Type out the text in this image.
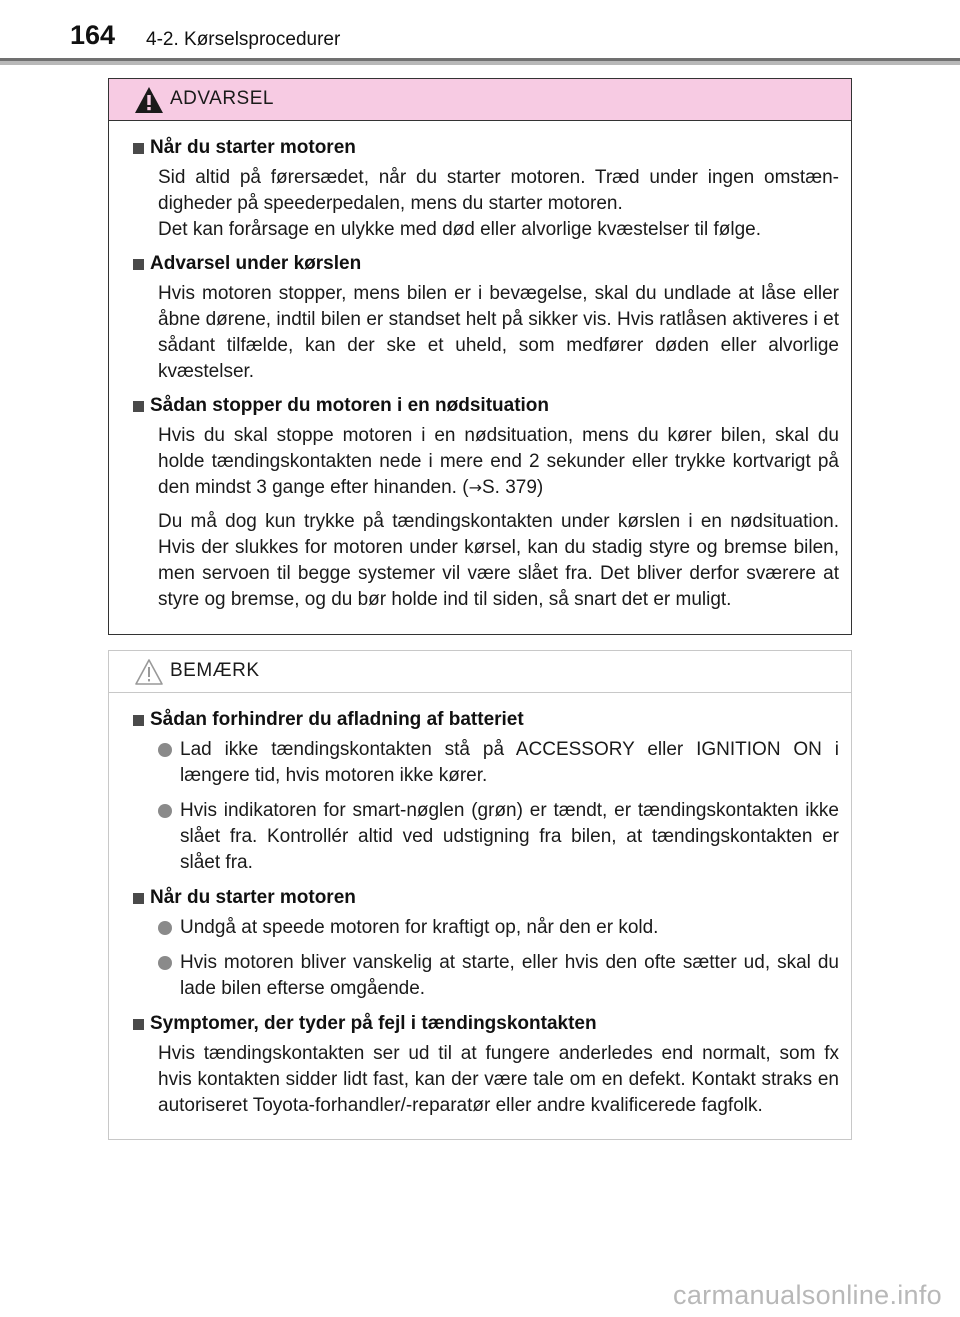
164 4-2. Kørselsprocedurer
ADVARSEL
Når du starter motoren

Sid altid på førersædet, når du starter motoren. Træd under ingen omstændigheder på speederpedalen, mens du starter motoren.

Det kan forårsage en ulykke med død eller alvorlige kvæstelser til følge.

Advarsel under kørslen

Hvis motoren stopper, mens bilen er i bevægelse, skal du undlade at låse eller åbne dørene, indtil bilen er standset helt på sikker vis. Hvis ratlåsen aktiveres i et sådant tilfælde, kan der ske et uheld, som medfører døden eller alvorlige kvæstelser.

Sådan stopper du motoren i en nødsituation

Hvis du skal stoppe motoren i en nødsituation, mens du kører bilen, skal du holde tændingskontakten nede i mere end 2 sekunder eller trykke kortvarigt på den mindst 3 gange efter hinanden. (→S. 379)

Du må dog kun trykke på tændingskontakten under kørslen i en nødsituation. Hvis der slukkes for motoren under kørsel, kan du stadig styre og bremse bilen, men servoen til begge systemer vil være slået fra. Det bliver derfor sværere at styre og bremse, og du bør holde ind til siden, så snart det er muligt.

BEMÆRK
Sådan forhindrer du afladning af batteriet
Lad ikke tændingskontakten stå på ACCESSORY eller IGNITION ON i længere tid, hvis motoren ikke kører.
Hvis indikatoren for smart-nøglen (grøn) er tændt, er tændingskontakten ikke slået fra. Kontrollér altid ved udstigning fra bilen, at tændingskontakten er slået fra.
Når du starter motoren
Undgå at speede motoren for kraftigt op, når den er kold.
Hvis motoren bliver vanskelig at starte, eller hvis den ofte sætter ud, skal du lade bilen efterse omgående.
Symptomer, der tyder på fejl i tændingskontakten

Hvis tændingskontakten ser ud til at fungere anderledes end normalt, som fx hvis kontakten sidder lidt fast, kan der være tale om en defekt. Kontakt straks en autoriseret Toyota-forhandler/-reparatør eller andre kvalificerede fagfolk.

carmanualsonline.info
